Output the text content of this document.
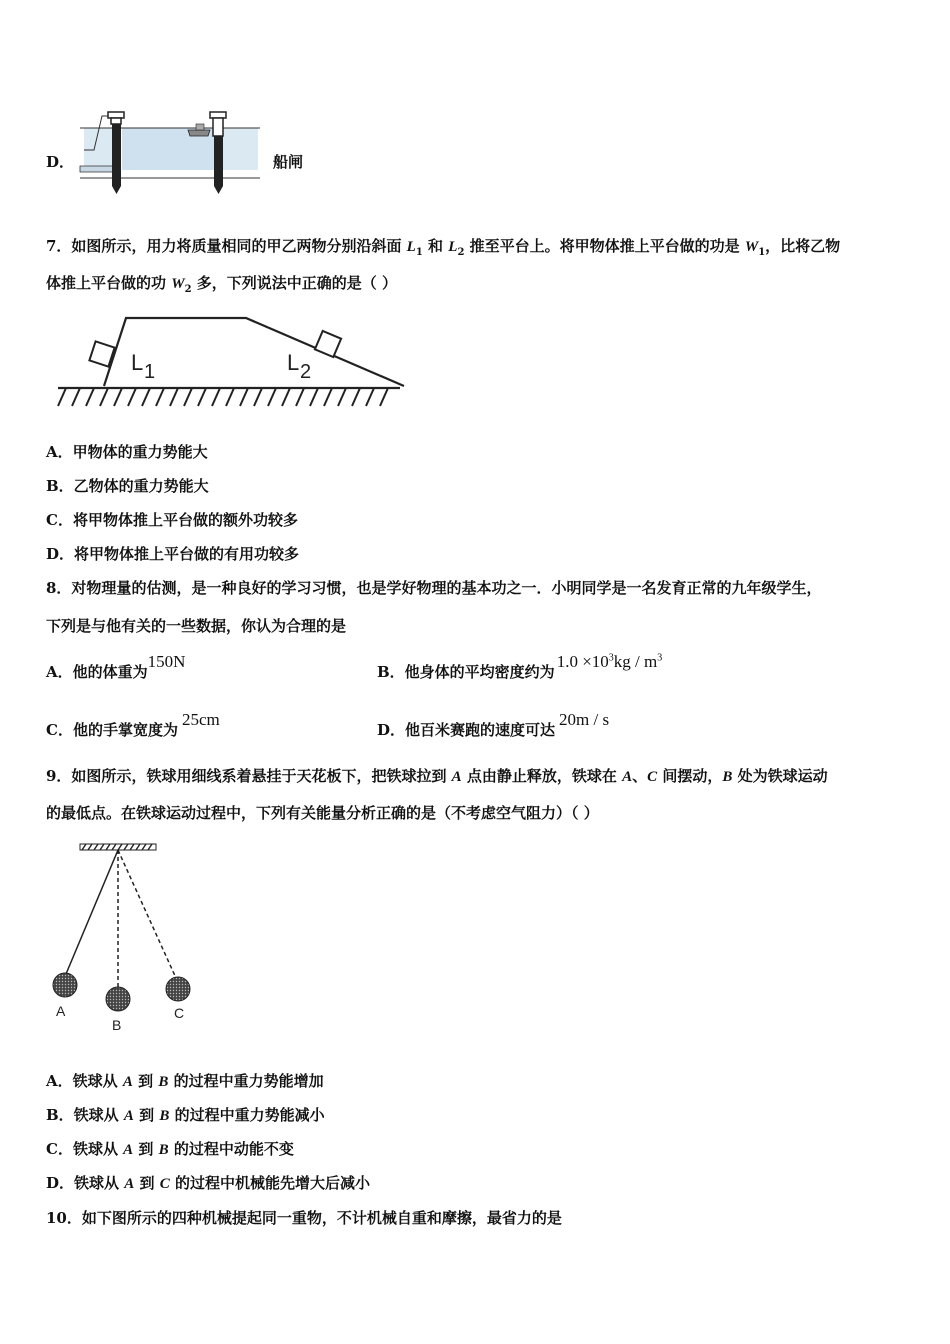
D．	船闸
7．如图所示，用力将质量相同的甲乙两物分别沿斜面 $L_1$ 和 $L_2$ 推至平台上。将甲物体推上平台做的功是 $W_1$，比将乙物
体推上平台做的功 $W_2$ 多，下列说法中正确的是（ ）
L 1	L 2
A．甲物体的重力势能大
B．乙物体的重力势能大
C．将甲物体推上平台做的额外功较多
D．将甲物体推上平台做的有用功较多
8．对物理量的估测，是一种良好的学习习惯，也是学好物理的基本功之一．小明同学是一名发育正常的九年级学生，
下列是与他有关的一些数据，你认为合理的是
A．他的体重为150N
B．他身体的平均密度约为$1.0 \times 10^3kg / m^3$
C．他的手掌宽度为25cm
D．他百米赛跑的速度可达20m / s
9．如图所示，铁球用细线系着悬挂于天花板下，把铁球拉到 A 点由静止释放，铁球在 A、C 间摆动，B 处为铁球运动
的最低点。在铁球运动过程中，下列有关能量分析正确的是（不考虑空气阻力）（ ）
A
B
C
A．铁球从 A 到 B 的过程中重力势能增加
B．铁球从 A 到 B 的过程中重力势能减小
C．铁球从 A 到 B 的过程中动能不变
D．铁球从 A 到 C 的过程中机械能先增大后减小
10．如下图所示的四种机械提起同一重物，不计机械自重和摩擦，最省力的是
